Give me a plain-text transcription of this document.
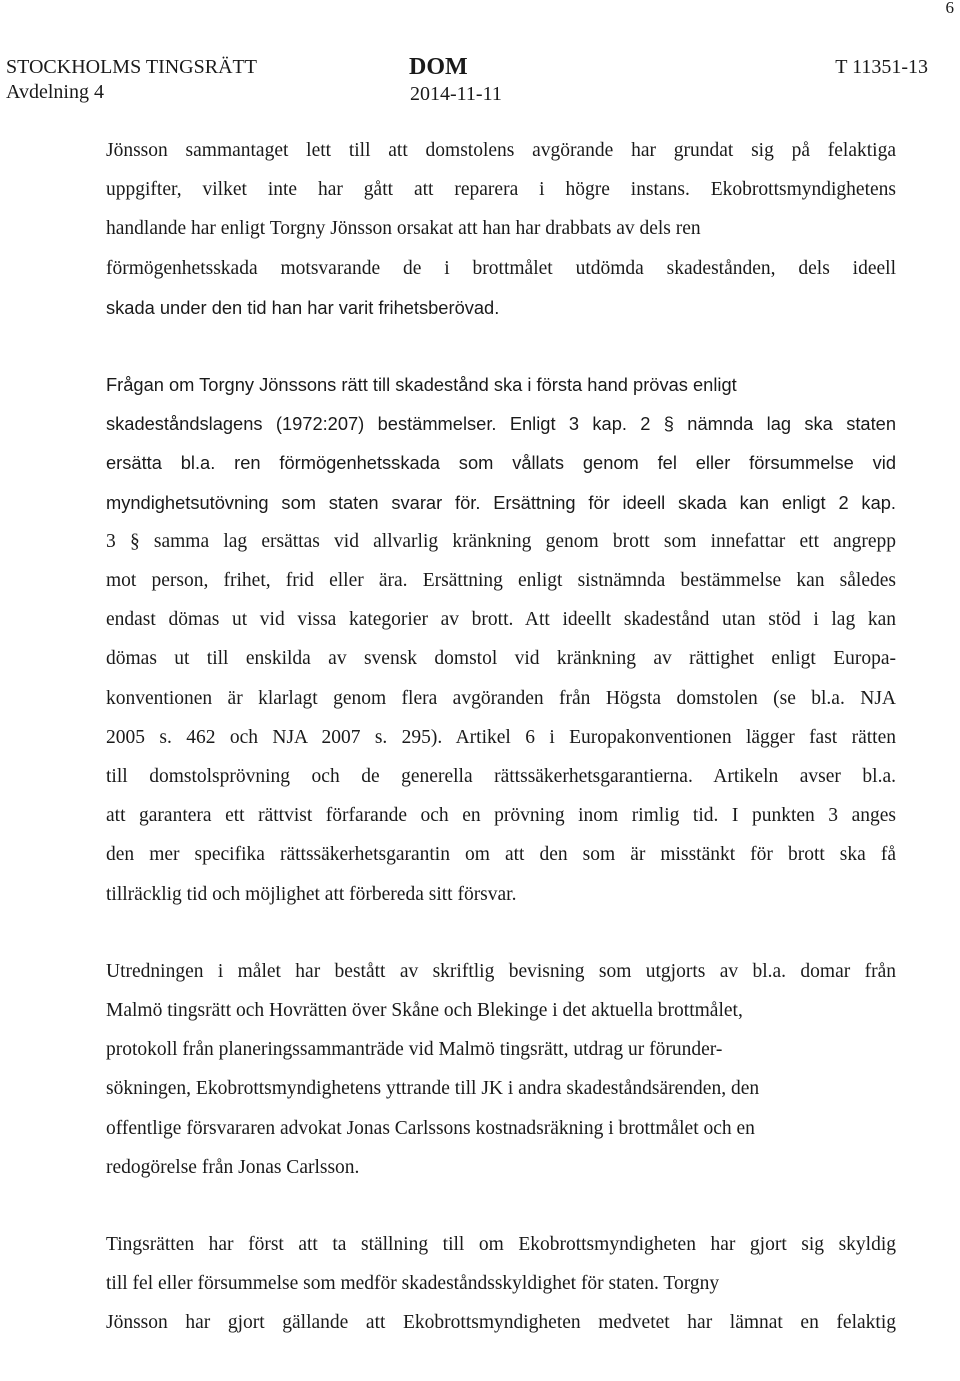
6
STOCKHOLMS TINGSRÄTT
Avdelning 4
DOM
2014-11-11
T 11351-13
Jönsson sammantaget lett till att domstolens avgörande har grundat sig på felaktiga
uppgifter, vilket inte har gått att reparera i högre instans. Ekobrottsmyndighetens
handlande har enligt Torgny Jönsson orsakat att han har drabbats av dels ren
förmögenhetsskada motsvarande de i brottmålet utdömda skadestånden, dels ideell
skada under den tid han har varit frihetsberövad.
Frågan om Torgny Jönssons rätt till skadestånd ska i första hand prövas enligt
skadeståndslagens (1972:207) bestämmelser. Enligt 3 kap. 2 § nämnda lag ska staten
ersätta bl.a. ren förmögenhetsskada som vållats genom fel eller försummelse vid
myndighetsutövning som staten svarar för. Ersättning för ideell skada kan enligt 2 kap.
3 § samma lag ersättas vid allvarlig kränkning genom brott som innefattar ett angrepp
mot person, frihet, frid eller ära. Ersättning enligt sistnämnda bestämmelse kan således
endast dömas ut vid vissa kategorier av brott. Att ideellt skadestånd utan stöd i lag kan
dömas ut till enskilda av svensk domstol vid kränkning av rättighet enligt Europa-
konventionen är klarlagt genom flera avgöranden från Högsta domstolen (se bl.a. NJA
2005 s. 462 och NJA 2007 s. 295). Artikel 6 i Europakonventionen lägger fast rätten
till domstolsprövning och de generella rättssäkerhetsgarantierna. Artikeln avser bl.a.
att garantera ett rättvist förfarande och en prövning inom rimlig tid. I punkten 3 anges
den mer specifika rättssäkerhetsgarantin om att den som är misstänkt för brott ska få
tillräcklig tid och möjlighet att förbereda sitt försvar.
Utredningen i målet har bestått av skriftlig bevisning som utgjorts av bl.a. domar från
Malmö tingsrätt och Hovrätten över Skåne och Blekinge i det aktuella brottmålet,
protokoll från planeringssammanträde vid Malmö tingsrätt, utdrag ur förunder-
sökningen, Ekobrottsmyndighetens yttrande till JK i andra skadeståndsärenden, den
offentlige försvararen advokat Jonas Carlssons kostnadsräkning i brottmålet och en
redogörelse från Jonas Carlsson.
Tingsrätten har först att ta ställning till om Ekobrottsmyndigheten har gjort sig skyldig
till fel eller försummelse som medför skadeståndsskyldighet för staten. Torgny
Jönsson har gjort gällande att Ekobrottsmyndigheten medvetet har lämnat en felaktig
